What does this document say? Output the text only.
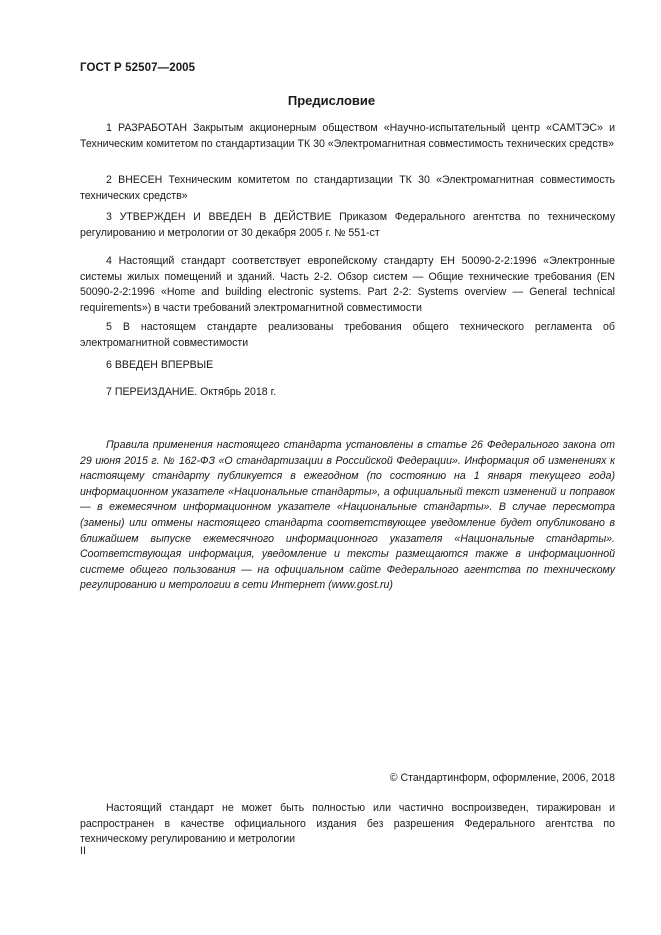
ГОСТ Р 52507—2005
Предисловие

1 РАЗРАБОТАН Закрытым акционерным обществом «Научно-испытательный центр «САМТЭС» и Техническим комитетом по стандартизации ТК 30 «Электромагнитная совместимость технических средств»

2 ВНЕСЕН Техническим комитетом по стандартизации ТК 30 «Электромагнитная совместимость технических средств»

3 УТВЕРЖДЕН И ВВЕДЕН В ДЕЙСТВИЕ Приказом Федерального агентства по техническому регулированию и метрологии от 30 декабря 2005 г. № 551-ст

4 Настоящий стандарт соответствует европейскому стандарту ЕН 50090-2-2:1996 «Электронные системы жилых помещений и зданий. Часть 2-2. Обзор систем — Общие технические требования (EN 50090-2-2:1996 «Home and building electronic systems. Part 2-2: Systems overview — General technical requirements») в части требований электромагнитной совместимости

5 В настоящем стандарте реализованы требования общего технического регламента об электромагнитной совместимости

6 ВВЕДЕН ВПЕРВЫЕ

7 ПЕРЕИЗДАНИЕ. Октябрь 2018 г.

Правила применения настоящего стандарта установлены в статье 26 Федерального закона от 29 июня 2015 г. № 162-ФЗ «О стандартизации в Российской Федерации». Информация об изменениях к настоящему стандарту публикуется в ежегодном (по состоянию на 1 января текущего года) информационном указателе «Национальные стандарты», а официальный текст изменений и поправок — в ежемесячном информационном указателе «Национальные стандарты». В случае пересмотра (замены) или отмены настоящего стандарта соответствующее уведомление будет опубликовано в ближайшем выпуске ежемесячного информационного указателя «Национальные стандарты». Соответствующая информация, уведомление и тексты размещаются также в информационной системе общего пользования — на официальном сайте Федерального агентства по техническому регулированию и метрологии в сети Интернет (www.gost.ru)
© Стандартинформ, оформление, 2006, 2018
Настоящий стандарт не может быть полностью или частично воспроизведен, тиражирован и распространен в качестве официального издания без разрешения Федерального агентства по техническому регулированию и метрологии
II
